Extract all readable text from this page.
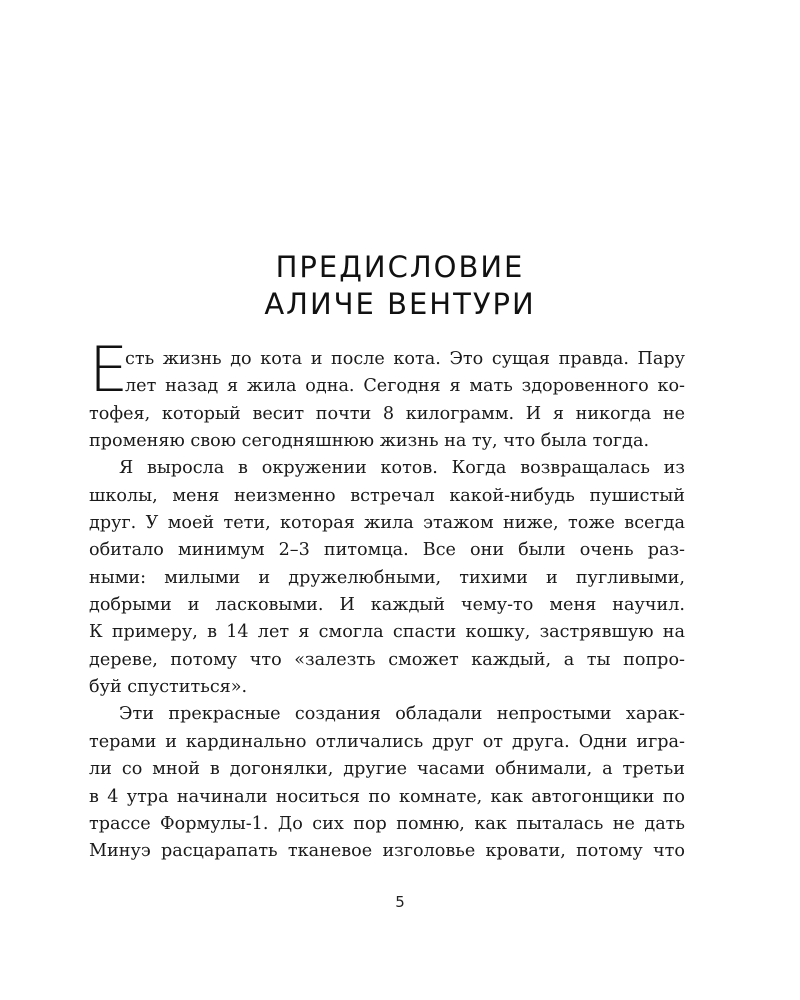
ПРЕДИСЛОВИЕ
АЛИЧЕ ВЕНТУРИ
Е
сть жизнь до кота и после кота. Это сущая правда. Пару
лет назад я жила одна. Сегодня я мать здоровенного ко-
тофея, который весит почти 8 килограмм. И я никогда не
променяю свою сегодняшнюю жизнь на ту, что была тогда.
Я выросла в окружении котов. Когда возвращалась из
школы, меня неизменно встречал какой-нибудь пушистый
друг. У моей тети, которая жила этажом ниже, тоже всегда
обитало минимум 2–3 питомца. Все они были очень раз-
ными: милыми и дружелюбными, тихими и пугливыми,
добрыми и ласковыми. И каждый чему-то меня научил.
К примеру, в 14 лет я смогла спасти кошку, застрявшую на
дереве, потому что «залезть сможет каждый, а ты попро-
буй спуститься».
Эти прекрасные создания обладали непростыми харак-
терами и кардинально отличались друг от друга. Одни игра-
ли со мной в догонялки, другие часами обнимали, а третьи
в 4 утра начинали носиться по комнате, как автогонщики по
трассе Формулы-1. До сих пор помню, как пыталась не дать
Минуэ расцарапать тканевое изголовье кровати, потому что
5
